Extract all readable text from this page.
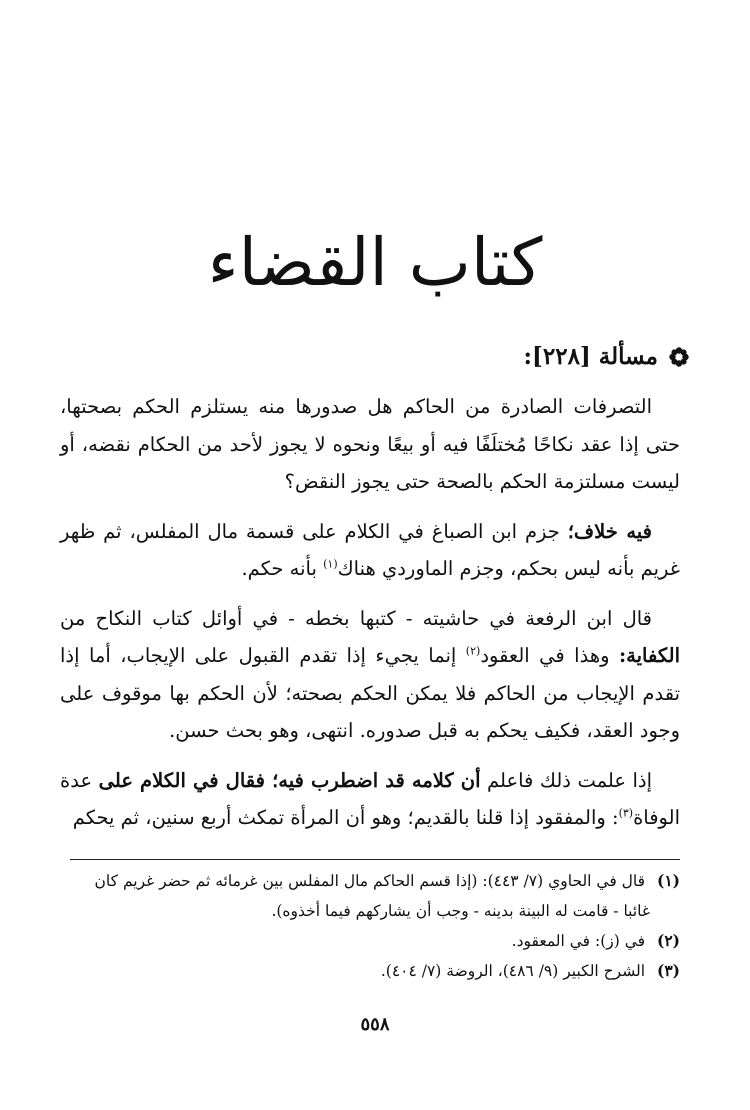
كتاب القضاء
مسألة [٢٢٨]:

التصرفات الصادرة من الحاكم هل صدورها منه يستلزم الحكم بصحتها، حتى إذا عقد نكاحًا مُختلَفًا فيه أو بيعًا ونحوه لا يجوز لأحد من الحكام نقضه، أو ليست مسلتزمة الحكم بالصحة حتى يجوز النقض؟

فيه خلاف؛ جزم ابن الصباغ في الكلام على قسمة مال المفلس، ثم ظهر غريم بأنه ليس بحكم، وجزم الماوردي هناك$^{(١)}$ بأنه حكم.

قال ابن الرفعة في حاشيته - كتبها بخطه - في أوائل كتاب النكاح من الكفاية: وهذا في العقود$^{(٢)}$ إنما يجيء إذا تقدم القبول على الإيجاب، أما إذا تقدم الإيجاب من الحاكم فلا يمكن الحكم بصحته؛ لأن الحكم بها موقوف على وجود العقد، فكيف يحكم به قبل صدوره. انتهى، وهو بحث حسن.

إذا علمت ذلك فاعلم أن كلامه قد اضطرب فيه؛ فقال في الكلام على عدة الوفاة$^{(٣)}$: والمفقود إذا قلنا بالقديم؛ وهو أن المرأة تمكث أربع سنين، ثم يحكم

(١) قال في الحاوي (٧/ ٤٤٣): (إذا قسم الحاكم مال المفلس بين غرمائه ثم حضر غريم كان
غائبا - قامت له البينة بدينه - وجب أن يشاركهم فيما أخذوه).
(٢) في (ز): في المعقود.
(٣) الشرح الكبير (٩/ ٤٨٦)، الروضة (٧/ ٤٠٤).
٥٥٨
